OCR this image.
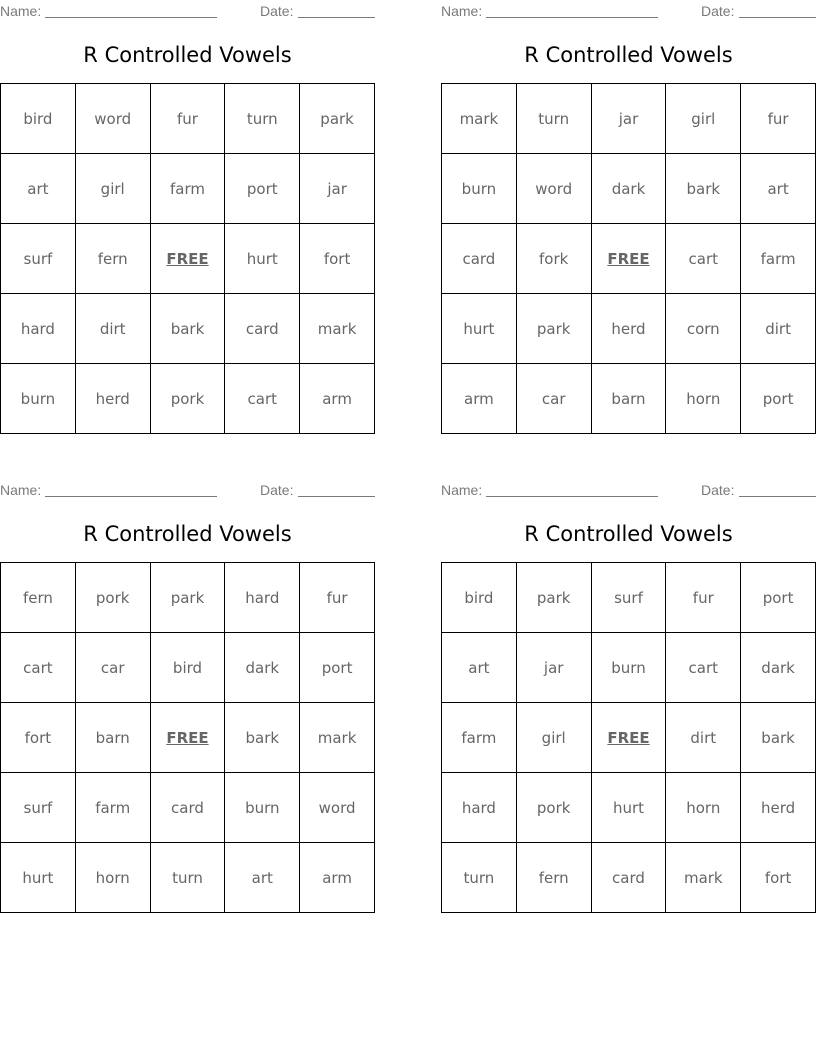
Name:	Date:
R Controlled Vowels
bird	word	fur	turn	park
art	girl	farm	port	jar
surf	fern	FREE	hurt	fort
hard	dirt	bark	card	mark
burn	herd	pork	cart	arm
Name:	Date:
R Controlled Vowels
mark	turn	jar	girl	fur
burn	word	dark	bark	art
card	fork	FREE	cart	farm
hurt	park	herd	corn	dirt
arm	car	barn	horn	port
Name:	Date:
R Controlled Vowels
fern	pork	park	hard	fur
cart	car	bird	dark	port
fort	barn	FREE	bark	mark
surf	farm	card	burn	word
hurt	horn	turn	art	arm
Name:	Date:
R Controlled Vowels
bird	park	surf	fur	port
art	jar	burn	cart	dark
farm	girl	FREE	dirt	bark
hard	pork	hurt	horn	herd
turn	fern	card	mark	fort
